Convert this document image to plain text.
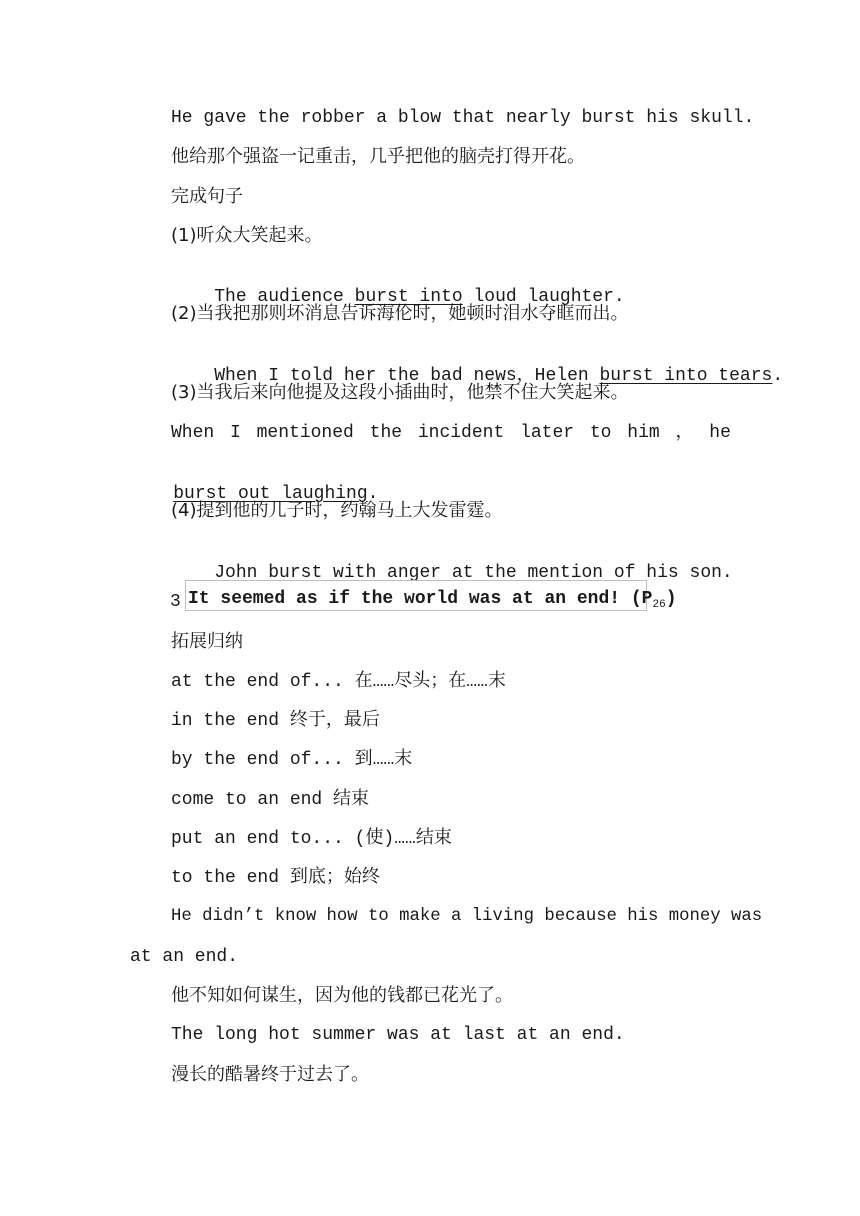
He gave the robber a blow that nearly burst his skull.
他给那个强盗一记重击，几乎把他的脑壳打得开花。
完成句子
(1)听众大笑起来。

The audience burst into loud laughter.

(2)当我把那则坏消息告诉海伦时，她顿时泪水夺眶而出。

When I told her the bad news，Helen burst into tears.

(3)当我后来向他提及这段小插曲时，他禁不住大笑起来。
When I mentioned the incident later to him ， he

burst out laughing.

(4)提到他的儿子时，约翰马上大发雷霆。

John burst with anger at the mention of his son.

3 It seemed as if the world was at an end! $(P_{26})$
拓展归纳
at the end of... 在……尽头；在……末
in the end 终于，最后
by the end of... 到……末
come to an end 结束
put an end to... (使)……结束
to the end 到底；始终
He didn’t know how to make a living because his money was
at an end.
他不知如何谋生，因为他的钱都已花光了。
The long hot summer was at last at an end.
漫长的酷暑终于过去了。
